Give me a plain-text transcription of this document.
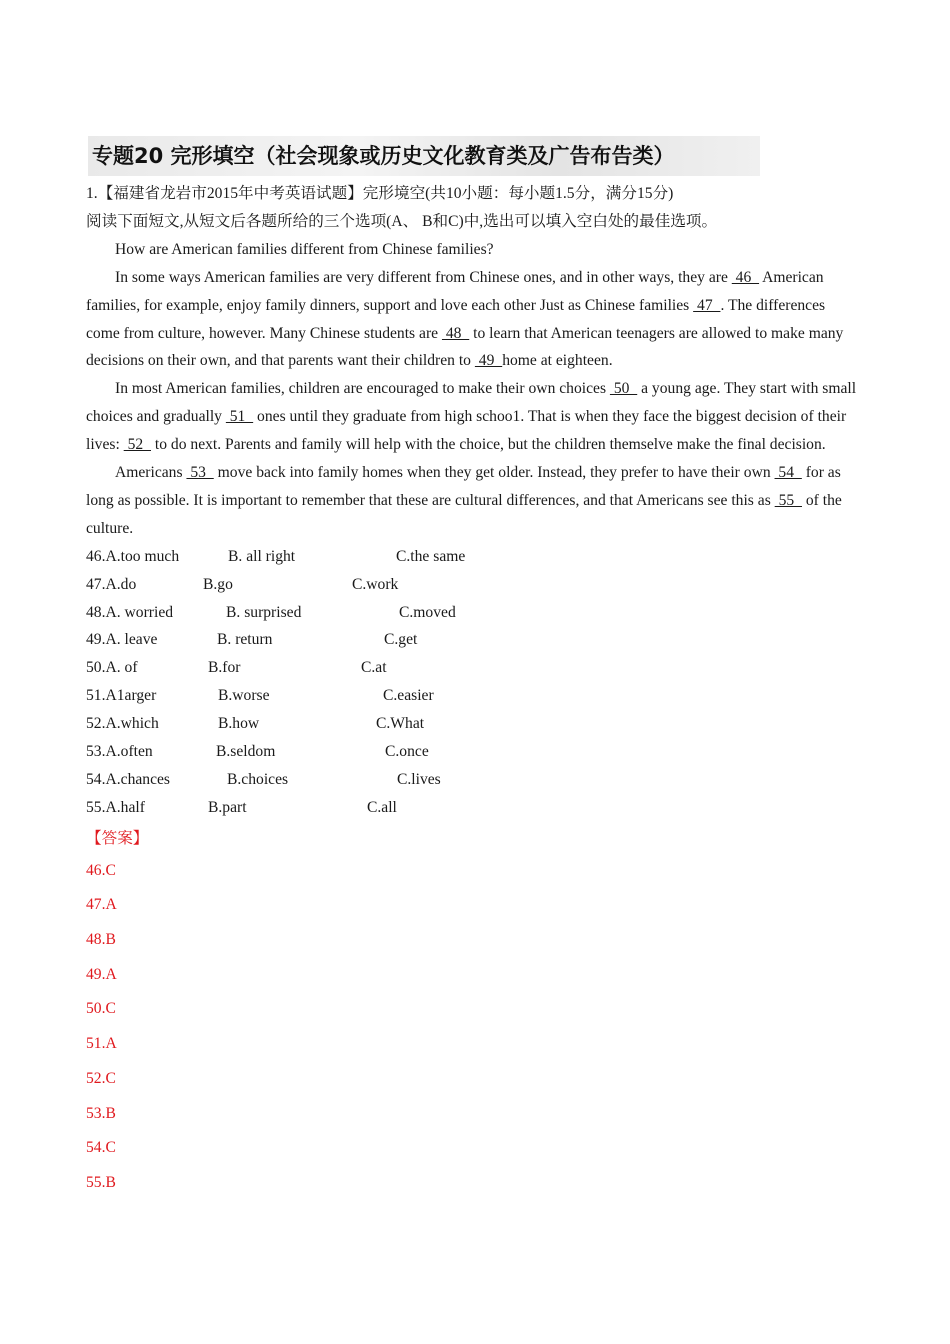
专题20 完形填空（社会现象或历史文化教育类及广告布告类）

1.【福建省龙岩市2015年中考英语试题】完形境空(共10小题：每小题1.5分，满分15分)

阅读下面短文,从短文后各题所给的三个选项(A、 B和C)中,选出可以填入空白处的最佳选项。

How are American families different from Chinese families?

In some ways American families are very different from Chinese ones, and in other ways, they are  46   American families, for example, enjoy family dinners, support and love each other Just as Chinese families  47  . The differences come from culture, however. Many Chinese students are  48   to learn that American teenagers are allowed to make many decisions on their own, and that parents want their children to  49  home at eighteen.

In most American families, children are encouraged to make their own choices  50   a young age. They start with small choices and gradually  51   ones until they graduate from high schoo1. That is when they face the biggest decision of their lives:  52   to do next. Parents and family will help with the choice, but the children themselve make the final decision.

Americans  53   move back into family homes when they get older. Instead, they prefer to have their own  54   for as long as possible. It is important to remember that these are cultural differences, and that Americans see this as  55   of the culture.

46.A.too much	B. all right	C.the same
47.A.do	B.go	C.work
48.A. worried	B. surprised	C.moved
49.A. leave	B. return	C.get
50.A. of	B.for	C.at
51.A1arger	B.worse	C.easier
52.A.which	B.how	C.What
53.A.often	B.seldom	C.once
54.A.chances	B.choices	C.lives
55.A.half	B.part	C.all
【答案】
46.C
47.A
48.B
49.A
50.C
51.A
52.C
53.B
54.C
55.B
